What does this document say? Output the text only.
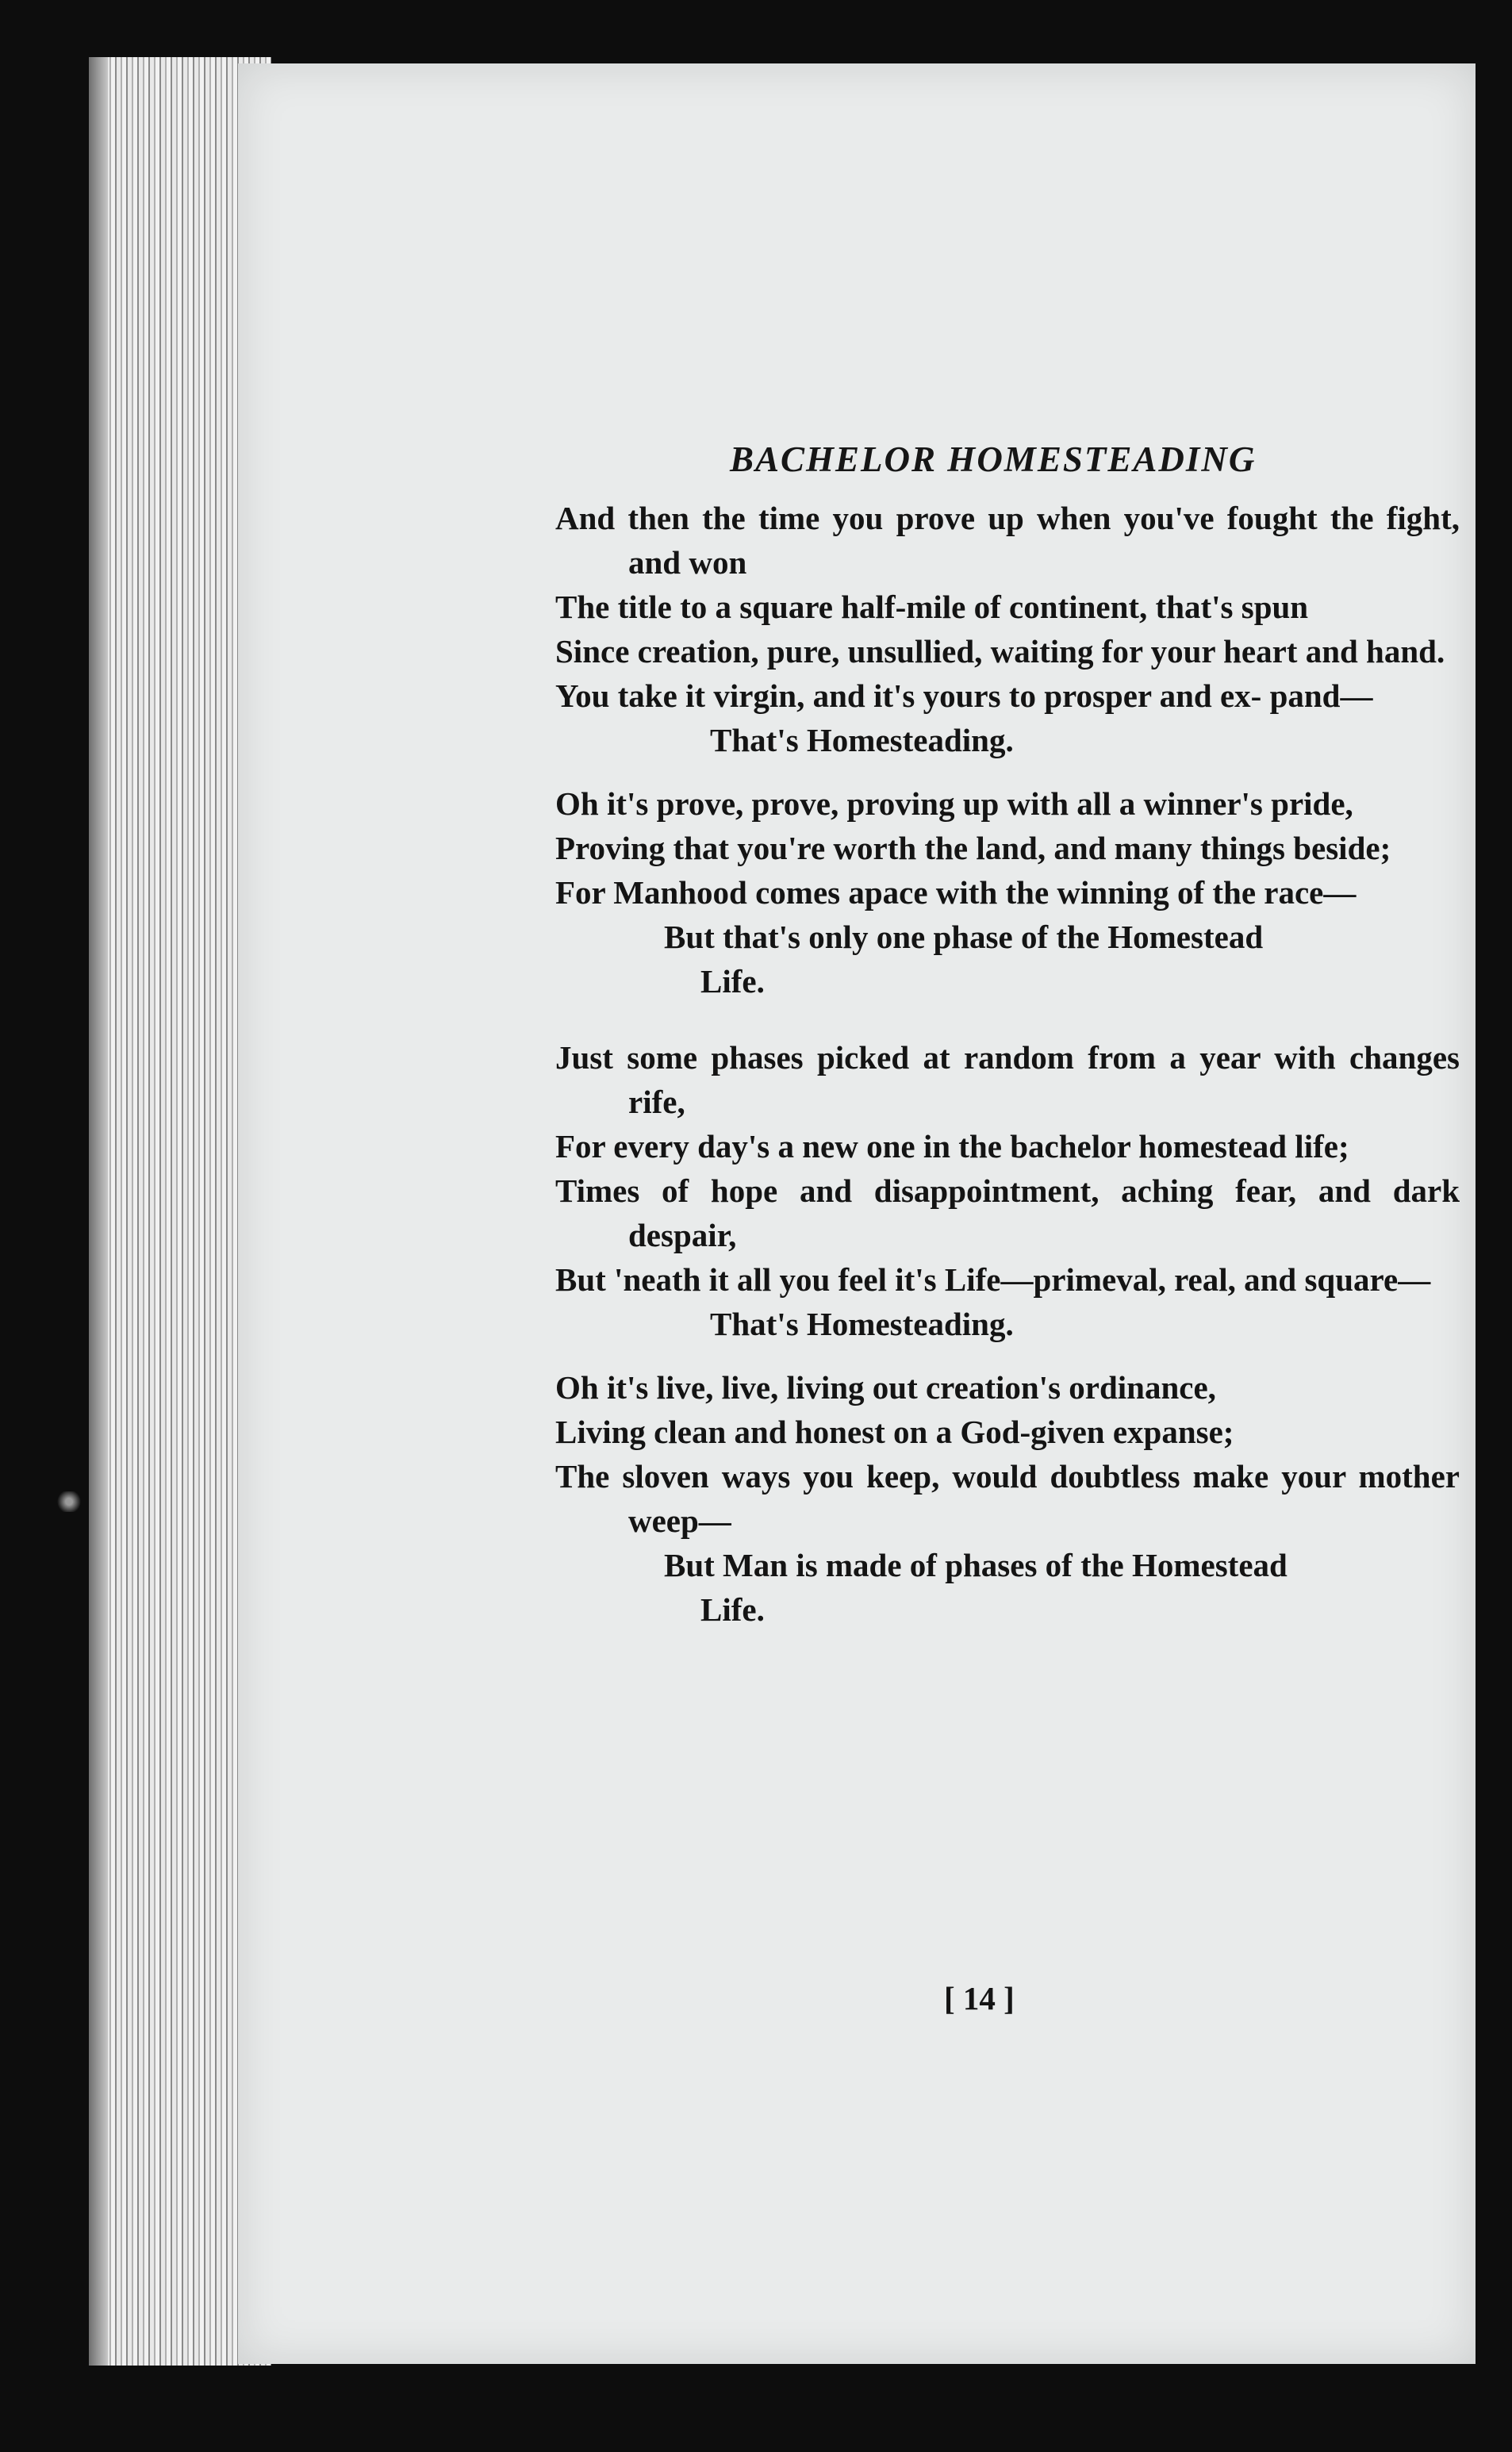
BACHELOR HOMESTEADING
And then the time you prove up when you've fought the fight, and won
The title to a square half-mile of continent, that's spun
Since creation, pure, unsullied, waiting for your heart and hand.
You take it virgin, and it's yours to prosper and ex- pand—
That's Homesteading.
Oh it's prove, prove, proving up with all a winner's pride,
Proving that you're worth the land, and many things beside;
For Manhood comes apace with the winning of the race—
But that's only one phase of the Homestead
Life.
Just some phases picked at random from a year with changes rife,
For every day's a new one in the bachelor homestead life;
Times of hope and disappointment, aching fear, and dark despair,
But 'neath it all you feel it's Life—primeval, real, and square—
That's Homesteading.
Oh it's live, live, living out creation's ordinance,
Living clean and honest on a God-given expanse;
The sloven ways you keep, would doubtless make your mother weep—
But Man is made of phases of the Homestead
Life.
[ 14 ]
